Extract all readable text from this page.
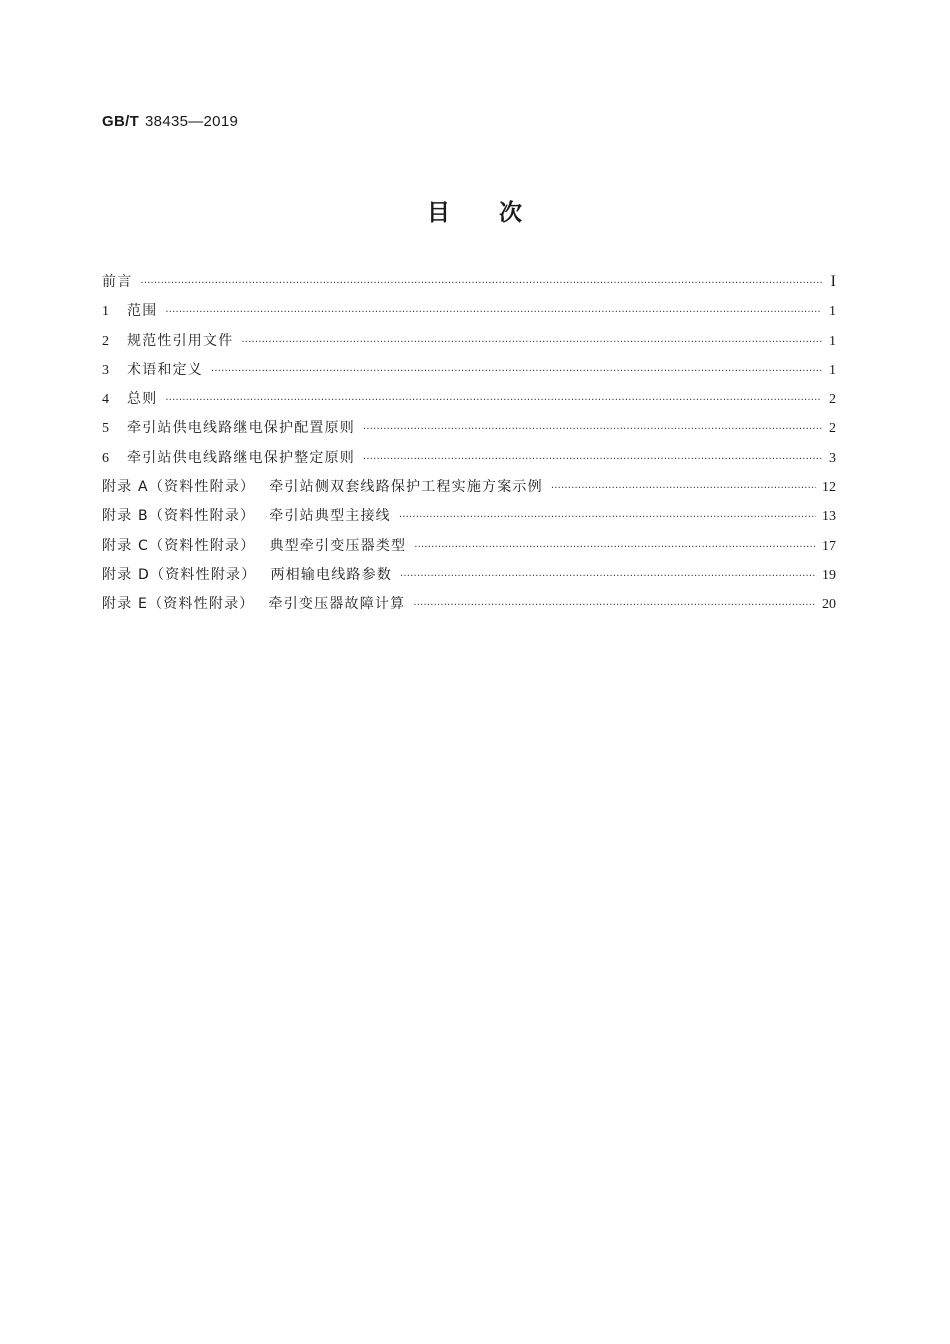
GB/T 38435—2019
目 次
前言 ·····	I
1 范围 ·····	1
2 规范性引用文件 ·····	1
3 术语和定义 ·····	1
4 总则 ·····	2
5 牵引站供电线路继电保护配置原则 ·····	2
6 牵引站供电线路继电保护整定原则 ·····	3
附录 A（资料性附录） 牵引站侧双套线路保护工程实施方案示例 ·····	12
附录 B（资料性附录） 牵引站典型主接线 ·····	13
附录 C（资料性附录） 典型牵引变压器类型 ·····	17
附录 D（资料性附录） 两相输电线路参数 ·····	19
附录 E（资料性附录） 牵引变压器故障计算 ·····	20
